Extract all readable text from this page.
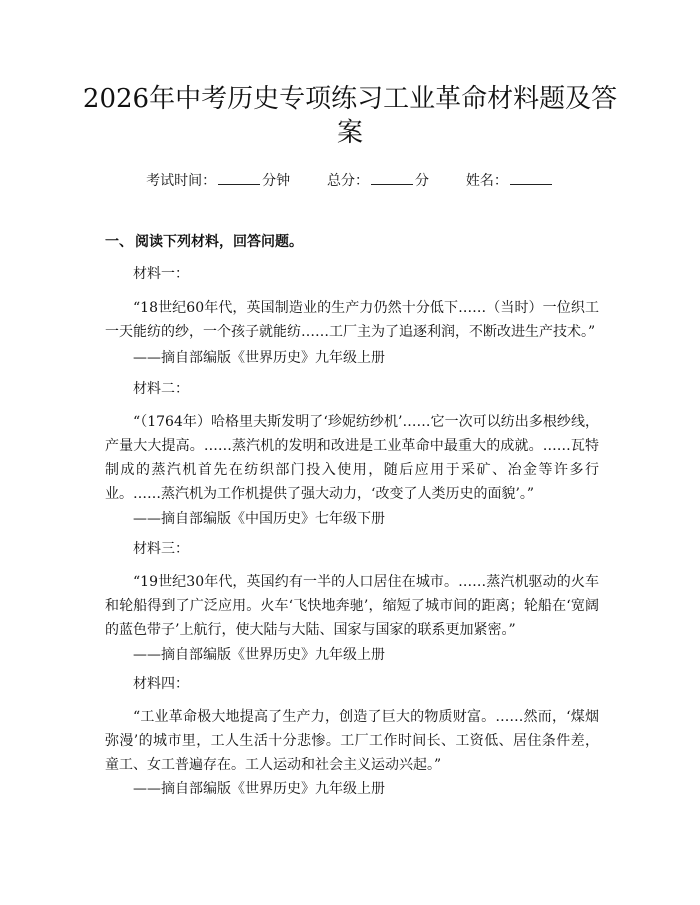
2026年中考历史专项练习工业革命材料题及答案
考试时间：	分钟	总分：	分	姓名：
一、 阅读下列材料，回答问题。

材料一：

“18世纪60年代，英国制造业的生产力仍然十分低下……（当时）一位织工一天能纺的纱，一个孩子就能纺……工厂主为了追逐利润，不断改进生产技术。”

——摘自部编版《世界历史》九年级上册

材料二：

“（1764年）哈格里夫斯发明了‘珍妮纺纱机’……它一次可以纺出多根纱线，产量大大提高。……蒸汽机的发明和改进是工业革命中最重大的成就。……瓦特制成的蒸汽机首先在纺织部门投入使用，随后应用于采矿、冶金等许多行业。……蒸汽机为工作机提供了强大动力，‘改变了人类历史的面貌’。”

——摘自部编版《中国历史》七年级下册

材料三：

“19世纪30年代，英国约有一半的人口居住在城市。……蒸汽机驱动的火车和轮船得到了广泛应用。火车‘飞快地奔驰’，缩短了城市间的距离；轮船在‘宽阔的蓝色带子’上航行，使大陆与大陆、国家与国家的联系更加紧密。”

——摘自部编版《世界历史》九年级上册

材料四：

“工业革命极大地提高了生产力，创造了巨大的物质财富。……然而，‘煤烟弥漫’的城市里，工人生活十分悲惨。工厂工作时间长、工资低、居住条件差，童工、女工普遍存在。工人运动和社会主义运动兴起。”

——摘自部编版《世界历史》九年级上册
